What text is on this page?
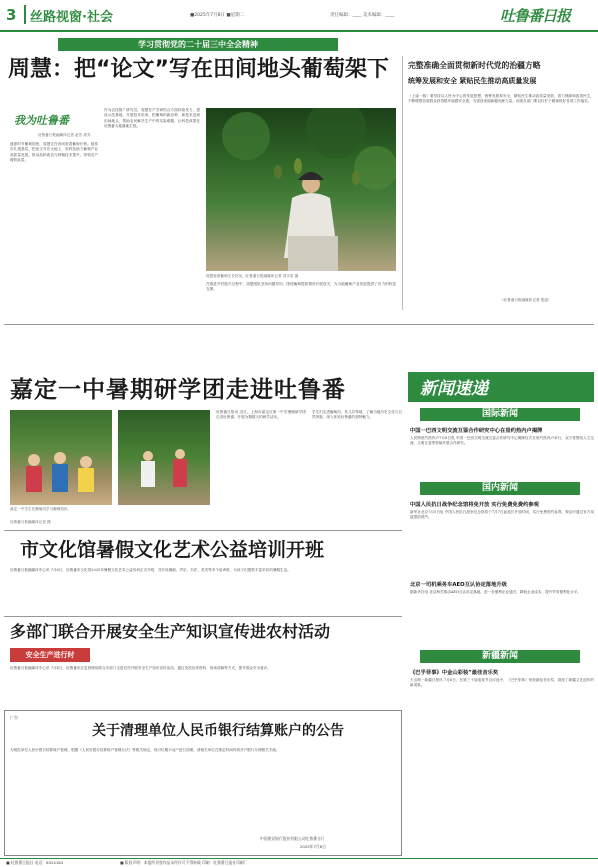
3 丝路视窗·社会	■2025年7月8日 ■星期二	责任编辑：____ 美术编辑：____	吐鲁番日报
学习贯彻党的二十届三中全会精神
周慧：把“论文”写在田间地头葡萄架下
我为吐鲁番
吐鲁番日报融媒体记者 赵芳 周芳
盛夏时节葡萄园里，周慧正在田间查看葡萄长势。她常年扎根基层，把论文写在大地上，用科技助力葡萄产业高质量发展，推动品种改良与种植技术提升，带领农户增收致富。
作为农技推广研究员，周慧在产学研结合方面持续发力，建设示范基地，开展技术培训，把葡萄的新品种、新技术送到田间地头，帮助农民解决生产中的实际难题，让科技成果在吐鲁番大地落地生根。
周慧查看葡萄生长状况。吐鲁番日报融媒体记者 刘宇浩 摄
在推进乡村振兴过程中，周慧团队坚持问题导向，围绕葡萄提质增效开展攻关，为当地葡萄产业发展提供了有力的科技支撑。
完整准确全面贯彻新时代党的治疆方略
统筹发展和安全 紧贴民生推动高质量发展
（上接一版）要坚持以人民为中心的发展思想，统筹发展和安全，紧贴民生推动高质量发展，着力保障和改善民生，不断增强各族群众获得感幸福感安全感，为建设美丽新疆贡献力量。各级各部门要以钉钉子精神抓好各项工作落实。
（吐鲁番日报融媒体记者 报道）
嘉定一中暑期研学团走进吐鲁番
嘉定一中学生在葡萄沟学习葡萄知识。
吐鲁番日报融媒体记者 摄
吐鲁番日报讯 近日，上海市嘉定区第一中学暑期研学团走进吐鲁番，开展为期数天的研学活动。
学生们走进葡萄沟、坎儿井等地，了解当地历史文化与自然风貌，深入体验吐鲁番的独特魅力。
市文化馆暑假文化艺术公益培训开班
吐鲁番日报融媒体中心讯 7月6日，吐鲁番市文化馆2025年暑假文化艺术公益培训正式开班，共开设舞蹈、声乐、书法、美术等多个培训班，为孩子们提供丰富多彩的暑期生活。
多部门联合开展安全生产知识宣传进农村活动
安全生产进行时
吐鲁番日报融媒体中心讯 7月4日，吐鲁番市应急管理局联合多部门走进农村开展安全生产知识宣传活动，通过发放宣传资料、现场讲解等方式，提升群众安全意识。
广告
关于清理单位人民币银行结算账户的公告
为规范单位人民币银行结算账户管理，根据《人民币银行结算账户管理办法》等相关规定，现对长期不动户进行清理，请相关单位在规定时间内到开户银行办理相关手续。
中国建设银行股份有限公司吐鲁番分行
2025年7月8日
新闻速递
国际新闻
中国一巴西文明交流互鉴合作研究中心在里约热内卢揭牌
人民网里约热内卢7月6日电 中国一巴西文明交流互鉴合作研究中心揭牌仪式在里约热内卢举行，双方将围绕人文交流、文明互鉴等领域开展合作研究。
国内新闻
中国人民抗日战争纪念馆将免开放 实行免费免费约参观
新华社北京7月5日电 中国人民抗日战争纪念馆将于7月7日起延长开放时间，实行免费预约参观，观众可通过官方渠道提前预约。
北京一司机乘务车AEO互认协定落地升级
据新华社电 北京海关推动AEO互认协定落地，进一步便利企业通关，降低企业成本，提升贸易便利化水平。
新疆新闻
《巴乎菲事》中金山彩装”最佳音乐奖
天山网一新疆日报讯 7月6日，在第三十届电视节目评选中，《巴乎菲事》荣获最佳音乐奖，展现了新疆文艺创作的新成果。
■ 吐鲁番日报社 电话：8524184	■ 版权声明：本报所刊登作品未经许可不得转载 印刷：吐鲁番日报社印刷厂
